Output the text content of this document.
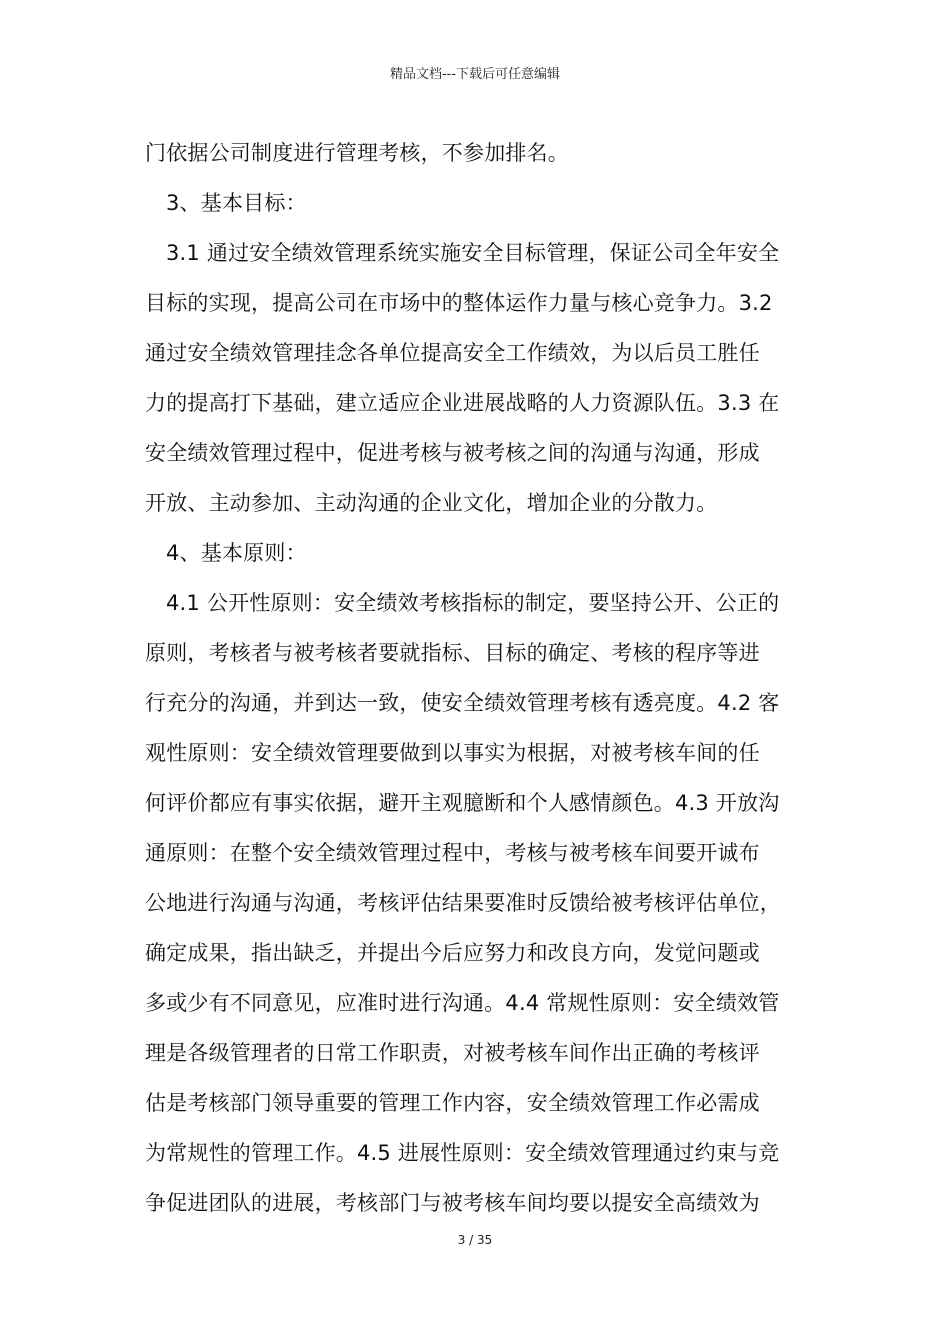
精品文档---下载后可任意编辑
门依据公司制度进行管理考核，不参加排名。
3、基本目标：
3.1 通过安全绩效管理系统实施安全目标管理，保证公司全年安全
目标的实现，提高公司在市场中的整体运作力量与核心竞争力。3.2
通过安全绩效管理挂念各单位提高安全工作绩效，为以后员工胜任
力的提高打下基础，建立适应企业进展战略的人力资源队伍。3.3 在
安全绩效管理过程中，促进考核与被考核之间的沟通与沟通，形成
开放、主动参加、主动沟通的企业文化，增加企业的分散力。
4、基本原则：
4.1 公开性原则：安全绩效考核指标的制定，要坚持公开、公正的
原则，考核者与被考核者要就指标、目标的确定、考核的程序等进
行充分的沟通，并到达一致，使安全绩效管理考核有透亮度。4.2 客
观性原则：安全绩效管理要做到以事实为根据，对被考核车间的任
何评价都应有事实依据，避开主观臆断和个人感情颜色。4.3 开放沟
通原则：在整个安全绩效管理过程中，考核与被考核车间要开诚布
公地进行沟通与沟通，考核评估结果要准时反馈给被考核评估单位，
确定成果，指出缺乏，并提出今后应努力和改良方向，发觉问题或
多或少有不同意见，应准时进行沟通。4.4 常规性原则：安全绩效管
理是各级管理者的日常工作职责，对被考核车间作出正确的考核评
估是考核部门领导重要的管理工作内容，安全绩效管理工作必需成
为常规性的管理工作。4.5 进展性原则：安全绩效管理通过约束与竞
争促进团队的进展，考核部门与被考核车间均要以提安全高绩效为
3 / 35
